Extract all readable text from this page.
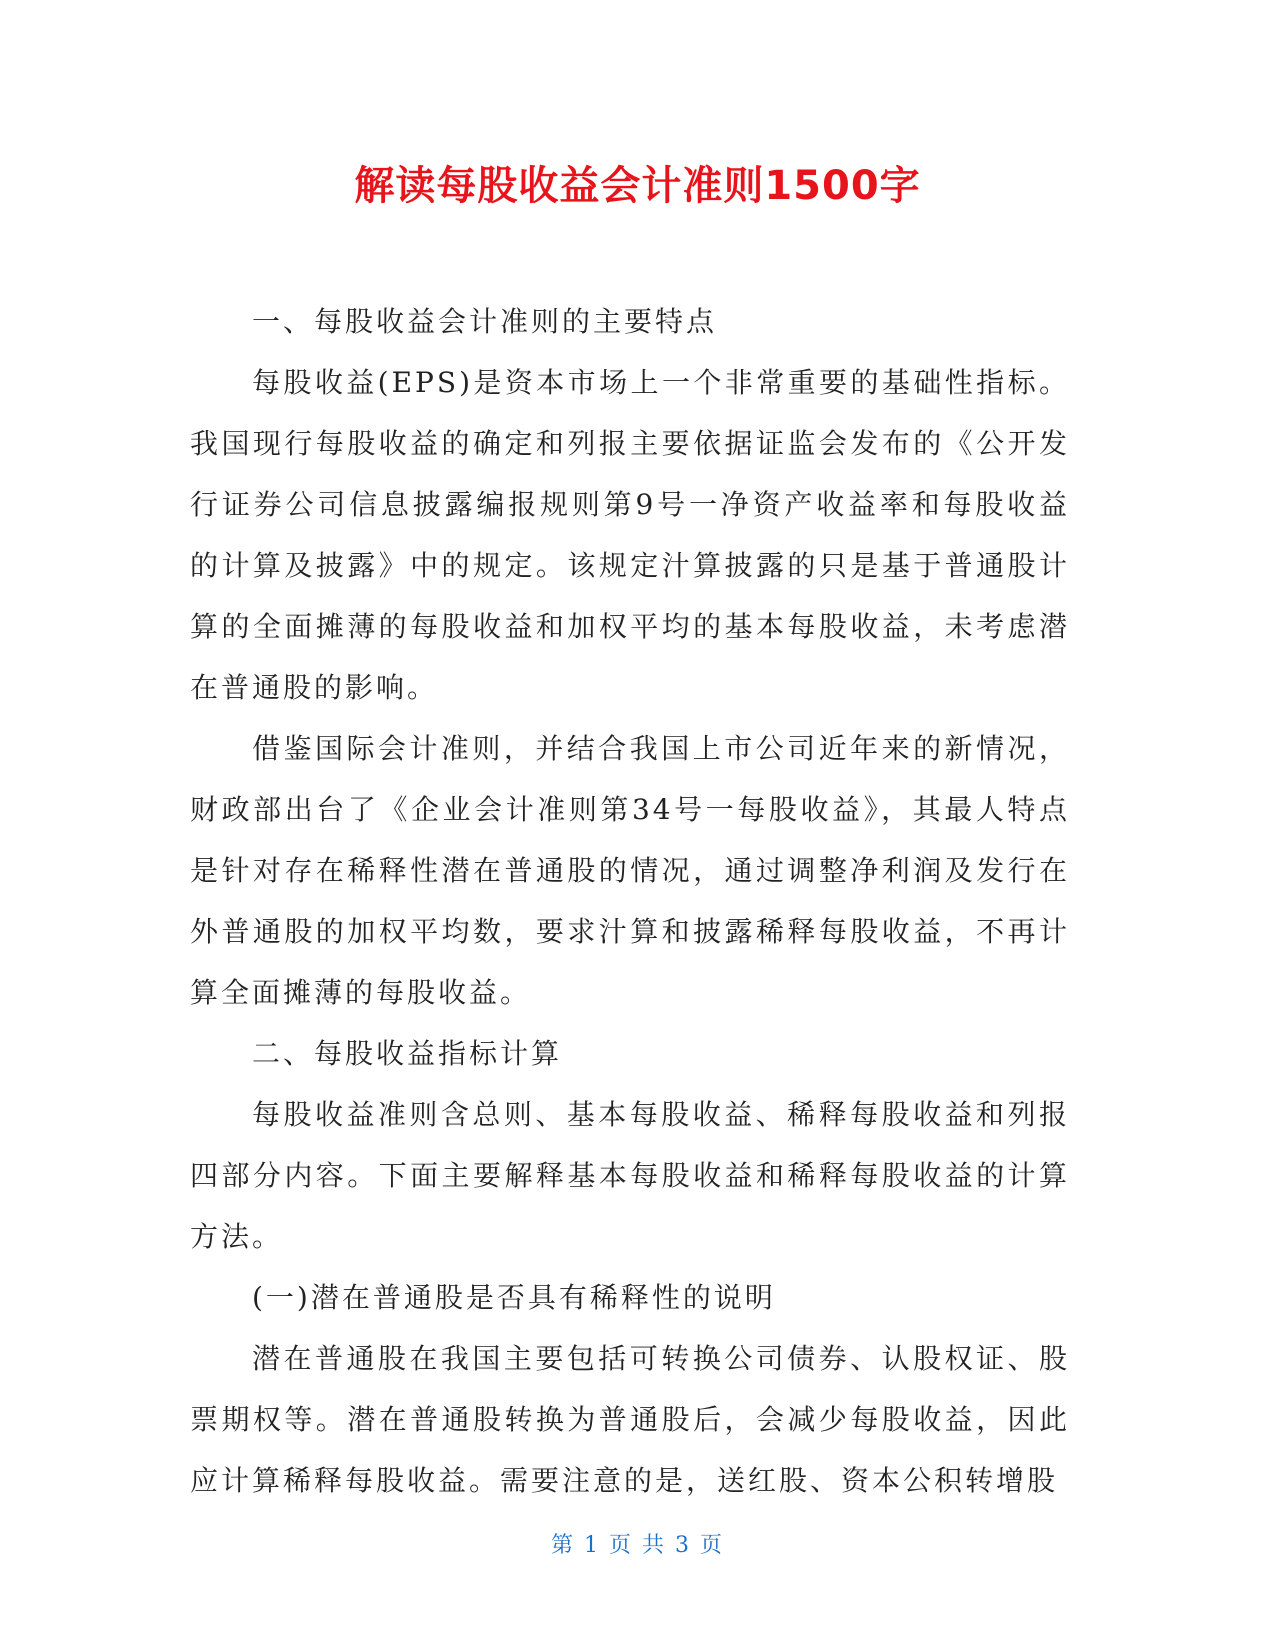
解读每股收益会计准则1500字

一、每股收益会计准则的主要特点

每股收益(EPS)是资本市场上一个非常重要的基础性指标。我国现行每股收益的确定和列报主要依据证监会发布的《公开发行证券公司信息披露编报规则第9号一净资产收益率和每股收益的计算及披露》中的规定。该规定汁算披露的只是基于普通股计算的全面摊薄的每股收益和加权平均的基本每股收益，未考虑潜在普通股的影响。

借鉴国际会计准则，并结合我国上市公司近年来的新情况，财政部出台了《企业会计准则第34号一每股收益》，其最人特点是针对存在稀释性潜在普通股的情况，通过调整净利润及发行在外普通股的加权平均数，要求汁算和披露稀释每股收益，不再计算全面摊薄的每股收益。

二、每股收益指标计算

每股收益准则含总则、基本每股收益、稀释每股收益和列报四部分内容。下面主要解释基本每股收益和稀释每股收益的计算方法。

(一)潜在普通股是否具有稀释性的说明

潜在普通股在我国主要包括可转换公司债券、认股权证、股票期权等。潜在普通股转换为普通股后，会减少每股收益，因此应计算稀释每股收益。需要注意的是，送红股、资本公积转增股

第 1 页 共 3 页
